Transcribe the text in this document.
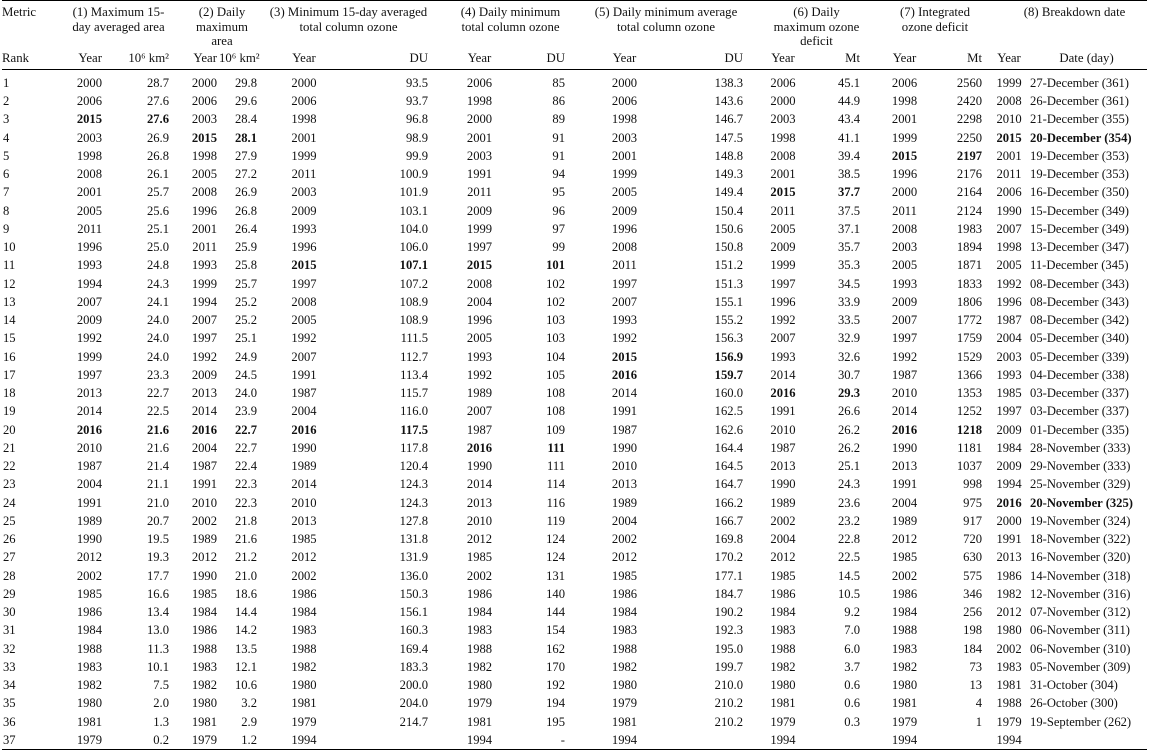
Metric	(1) Maximum 15-day averaged area		(2) Daily maximum area		(3) Minimum 15-day averaged total column ozone		(4) Daily minimum total column ozone		(5) Daily minimum average total column ozone		(6) Daily maximum ozone deficit		(7) Integrated ozone deficit		(8) Breakdown date	
Rank	Year	10⁶ km²	Year	10⁶ km²	Year	DU	Year	DU	Year	DU	Year	Mt	Year	Mt	Year	Date (day)
1	2000	28.7	2000	29.8	2000	93.5	2006	85	2000	138.3	2006	45.1	2006	2560	1999	27-December (361)
2	2006	27.6	2006	29.6	2006	93.7	1998	86	2006	143.6	2000	44.9	1998	2420	2008	26-December (361)
3	2015	27.6	2003	28.4	1998	96.8	2000	89	1998	146.7	2003	43.4	2001	2298	2010	21-December (355)
4	2003	26.9	2015	28.1	2001	98.9	2001	91	2003	147.5	1998	41.1	1999	2250	2015	20-December (354)
5	1998	26.8	1998	27.9	1999	99.9	2003	91	2001	148.8	2008	39.4	2015	2197	2001	19-December (353)
6	2008	26.1	2005	27.2	2011	100.9	1991	94	1999	149.3	2001	38.5	1996	2176	2011	19-December (353)
7	2001	25.7	2008	26.9	2003	101.9	2011	95	2005	149.4	2015	37.7	2000	2164	2006	16-December (350)
8	2005	25.6	1996	26.8	2009	103.1	2009	96	2009	150.4	2011	37.5	2011	2124	1990	15-December (349)
9	2011	25.1	2001	26.4	1993	104.0	1999	97	1996	150.6	2005	37.1	2008	1983	2007	15-December (349)
10	1996	25.0	2011	25.9	1996	106.0	1997	99	2008	150.8	2009	35.7	2003	1894	1998	13-December (347)
11	1993	24.8	1993	25.8	2015	107.1	2015	101	2011	151.2	1999	35.3	2005	1871	2005	11-December (345)
12	1994	24.3	1999	25.7	1997	107.2	2008	102	1997	151.3	1997	34.5	1993	1833	1992	08-December (343)
13	2007	24.1	1994	25.2	2008	108.9	2004	102	2007	155.1	1996	33.9	2009	1806	1996	08-December (343)
14	2009	24.0	2007	25.2	2005	108.9	1996	103	1993	155.2	1992	33.5	2007	1772	1987	08-December (342)
15	1992	24.0	1997	25.1	1992	111.5	2005	103	1992	156.3	2007	32.9	1997	1759	2004	05-December (340)
16	1999	24.0	1992	24.9	2007	112.7	1993	104	2015	156.9	1993	32.6	1992	1529	2003	05-December (339)
17	1997	23.3	2009	24.5	1991	113.4	1992	105	2016	159.7	2014	30.7	1987	1366	1993	04-December (338)
18	2013	22.7	2013	24.0	1987	115.7	1989	108	2014	160.0	2016	29.3	2010	1353	1985	03-December (337)
19	2014	22.5	2014	23.9	2004	116.0	2007	108	1991	162.5	1991	26.6	2014	1252	1997	03-December (337)
20	2016	21.6	2016	22.7	2016	117.5	1987	109	1987	162.6	2010	26.2	2016	1218	2009	01-December (335)
21	2010	21.6	2004	22.7	1990	117.8	2016	111	1990	164.4	1987	26.2	1990	1181	1984	28-November (333)
22	1987	21.4	1987	22.4	1989	120.4	1990	111	2010	164.5	2013	25.1	2013	1037	2009	29-November (333)
23	2004	21.1	1991	22.3	2014	124.3	2014	114	2013	164.7	1990	24.3	1991	998	1994	25-November (329)
24	1991	21.0	2010	22.3	2010	124.3	2013	116	1989	166.2	1989	23.6	2004	975	2016	20-November (325)
25	1989	20.7	2002	21.8	2013	127.8	2010	119	2004	166.7	2002	23.2	1989	917	2000	19-November (324)
26	1990	19.5	1989	21.6	1985	131.8	2012	124	2002	169.8	2004	22.8	2012	720	1991	18-November (322)
27	2012	19.3	2012	21.2	2012	131.9	1985	124	2012	170.2	2012	22.5	1985	630	2013	16-November (320)
28	2002	17.7	1990	21.0	2002	136.0	2002	131	1985	177.1	1985	14.5	2002	575	1986	14-November (318)
29	1985	16.6	1985	18.6	1986	150.3	1986	140	1986	184.7	1986	10.5	1986	346	1982	12-November (316)
30	1986	13.4	1984	14.4	1984	156.1	1984	144	1984	190.2	1984	9.2	1984	256	2012	07-November (312)
31	1984	13.0	1986	14.2	1983	160.3	1983	154	1983	192.3	1983	7.0	1988	198	1980	06-November (311)
32	1988	11.3	1988	13.5	1988	169.4	1988	162	1988	195.0	1988	6.0	1983	184	2002	06-November (310)
33	1983	10.1	1983	12.1	1982	183.3	1982	170	1982	199.7	1982	3.7	1982	73	1983	05-November (309)
34	1982	7.5	1982	10.6	1980	200.0	1980	192	1980	210.0	1980	0.6	1980	13	1981	31-October (304)
35	1980	2.0	1980	3.2	1981	204.0	1979	194	1979	210.2	1981	0.6	1981	4	1988	26-October (300)
36	1981	1.3	1981	2.9	1979	214.7	1981	195	1981	210.2	1979	0.3	1979	1	1979	19-September (262)
37	1979	0.2	1979	1.2	1994		1994	-	1994		1994		1994		1994	
